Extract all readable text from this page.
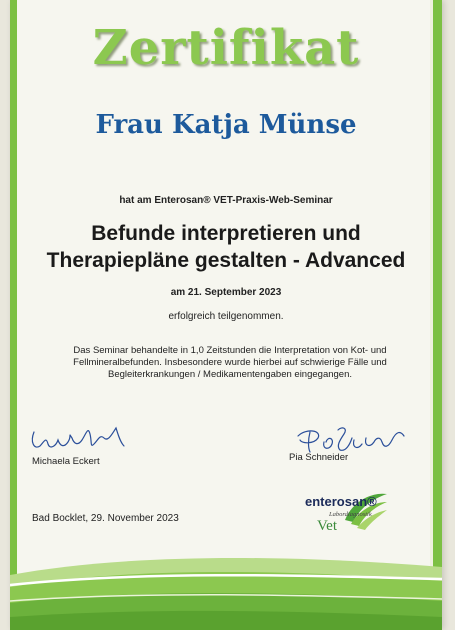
Zertifikat
Frau Katja Münse
hat am Enterosan® VET-Praxis-Web-Seminar
Befunde interpretieren und
Therapiepläne gestalten - Advanced
am 21. September 2023
erfolgreich teilgenommen.
Das Seminar behandelte in 1,0 Zeitstunden die Interpretation von Kot- und
Fellmineralbefunden. Insbesondere wurde hierbei auf schwierige Fälle und
Begleiterkrankungen / Medikamentengaben eingegangen.
Michaela Eckert	Pia Schneider
Bad Bocklet, 29. November 2023
enterosan®
Labordiagnostik
Vet
